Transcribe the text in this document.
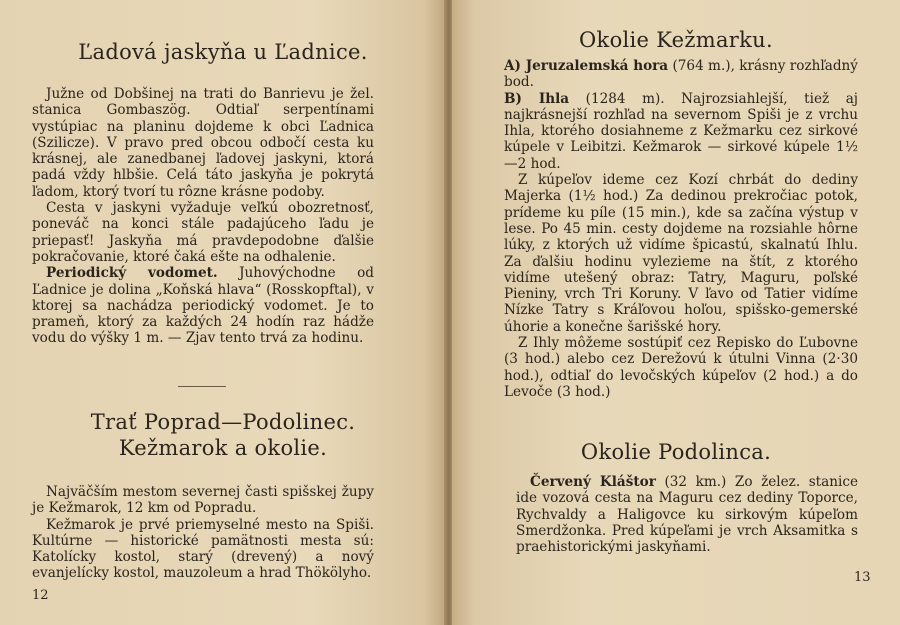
Ľadová jaskyňa u Ľadnice.

Južne od Dobšinej na trati do Banrievu je žel. stanica Gombaszög. Odtiaľ serpentínami vystúpiac na planinu dojdeme k obci Ľadnica (Szilicze). V pravo pred obcou odbočí cesta ku krásnej, ale zanedbanej ľadovej jaskyni, ktorá padá vždy hlbšie. Celá táto jaskyňa je pokrytá ľadom, ktorý tvorí tu rôzne krásne podoby.

Cesta v jaskyni vyžaduje veľkú obozretnosť, poneváč na konci stále padajúceho ľadu je priepasť! Jaskyňa má pravdepodobne ďalšie pokračovanie, ktoré čaká ešte na odhalenie.

Periodický vodomet. Juhovýchodne od Ľadnice je dolina „Koňská hlava“ (Rosskopftal), v ktorej sa nachádza periodický vodomet. Je to prameň, ktorý za každých 24 hodín raz hádže vodu do výšky 1 m. — Zjav tento trvá za hodinu.

Trať Poprad—Podolinec.
Kežmarok a okolie.

Najväčším mestom severnej časti spišskej župy je Kežmarok, 12 km od Popradu.

Kežmarok je prvé priemyselné mesto na Spiši. Kultúrne — historické pamätnosti mesta sú: Katolícky kostol, starý (drevený) a nový evanjelícky kostol, mauzoleum a hrad Thökölyho.

12
Okolie Kežmarku.

A) Jeruzalemská hora (764 m.), krásny rozhľadný bod.

B) Ihla (1284 m). Najrozsiahlejší, tiež aj najkrásnejší rozhľad na severnom Spiši je z vrchu Ihla, ktorého dosiahneme z Kežmarku cez sirkové kúpele v Leibitzi. Kežmarok — sirkové kúpele 1½ —2 hod.

Z kúpeľov ideme cez Kozí chrbát do dediny Majerka (1½ hod.) Za dedinou prekročiac potok, prídeme ku píle (15 min.), kde sa začína výstup v lese. Po 45 min. cesty dojdeme na rozsiahle hôrne lúky, z ktorých už vidíme špicastú, skalnatú Ihlu. Za ďalšiu hodinu vylezieme na štít, z ktorého vidíme utešený obraz: Tatry, Maguru, poľské Pieniny, vrch Tri Koruny. V ľavo od Tatier vidíme Nízke Tatry s Kráľovou hoľou, spišsko-gemerské úhorie a konečne šarišské hory.

Z Ihly môžeme sostúpiť cez Repisko do Ľubovne (3 hod.) alebo cez Derežovú k útulni Vinna (2·30 hod.), odtiaľ do levočských kúpeľov (2 hod.) a do Levoče (3 hod.)

Okolie Podolinca.

Červený Kláštor (32 km.) Zo želez. stanice ide vozová cesta na Maguru cez dediny Toporce, Rychvaldy a Haligovce ku sirkovým kúpeľom Smerdžonka. Pred kúpeľami je vrch Aksamitka s praehistorickými jaskyňami.

13
